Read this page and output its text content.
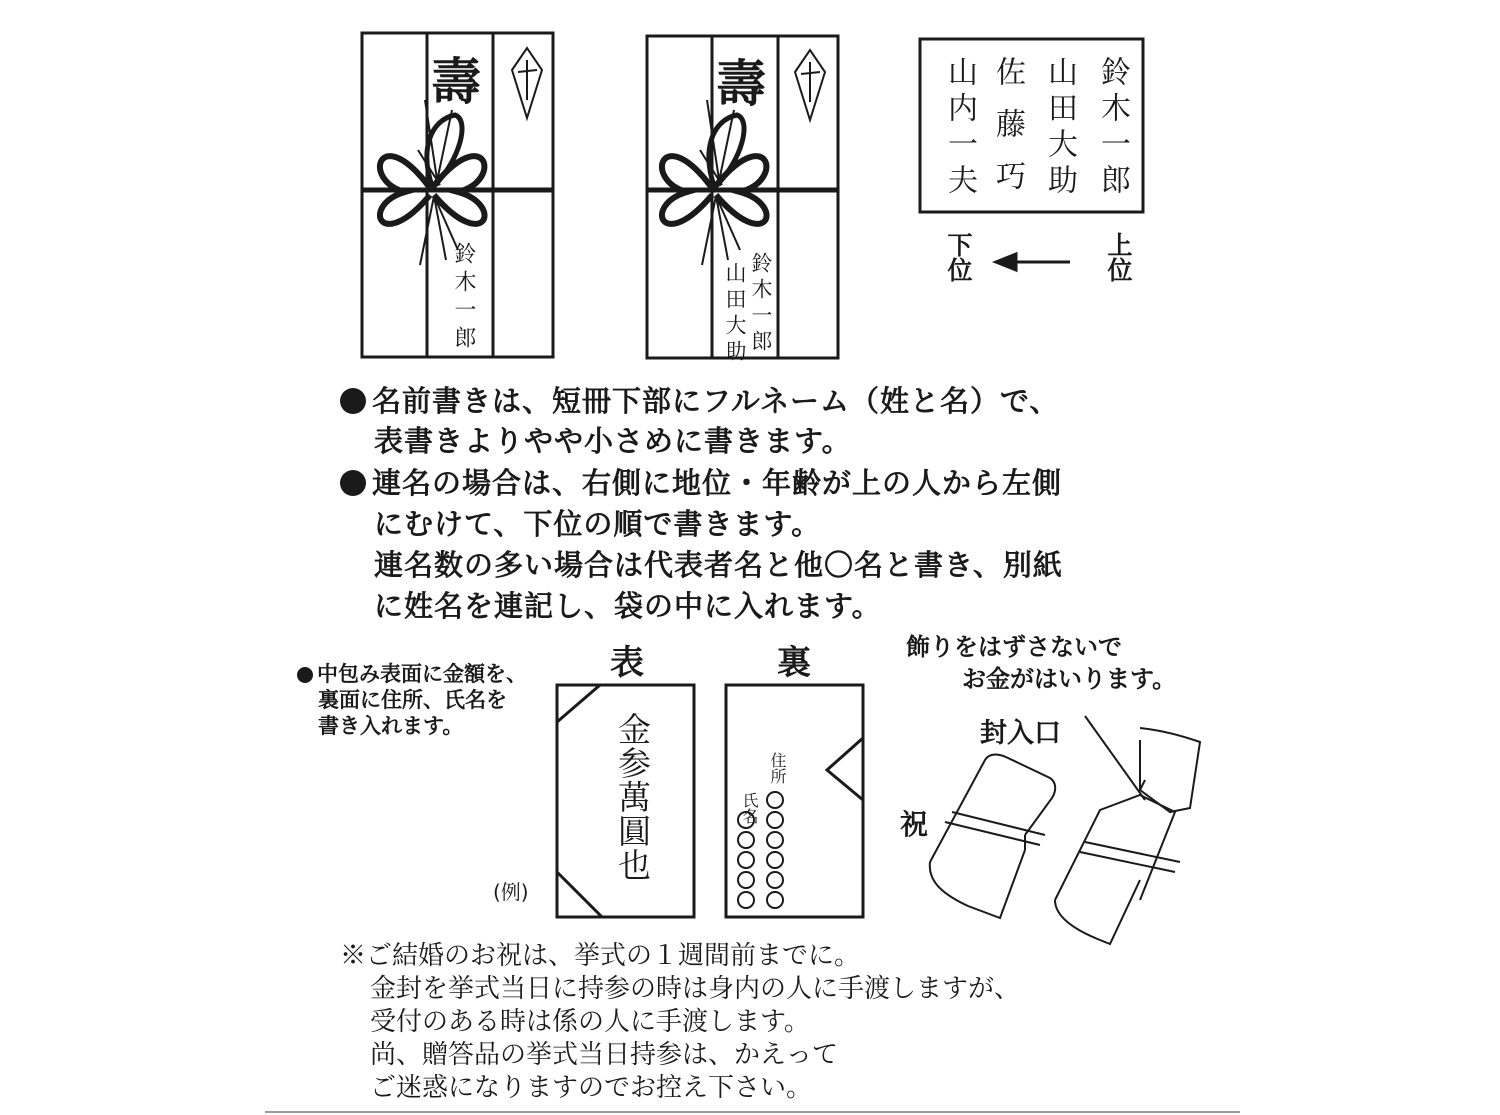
壽
鈴木一郎
壽
鈴木一郎
山田大助
鈴木一郎
山田大助
佐藤巧
山内一夫
下位	上位
名前書きは、短冊下部にフルネーム（姓と名）で、
表書きよりやや小さめに書きます。
連名の場合は、右側に地位・年齢が上の人から左側
にむけて、下位の順で書きます。
連名数の多い場合は代表者名と他〇名と書き、別紙
に姓名を連記し、袋の中に入れます。
中包み表面に金額を、
裏面に住所、氏名を
書き入れます。
(例)
表	裏
金参萬圓也	住所
氏名
飾りをはずさないで
お金がはいります。
封入口
祝
※ご結婚のお祝は、挙式の１週間前までに。
金封を挙式当日に持参の時は身内の人に手渡しますが、
受付のある時は係の人に手渡します。
尚、贈答品の挙式当日持参は、かえって
ご迷惑になりますのでお控え下さい。
